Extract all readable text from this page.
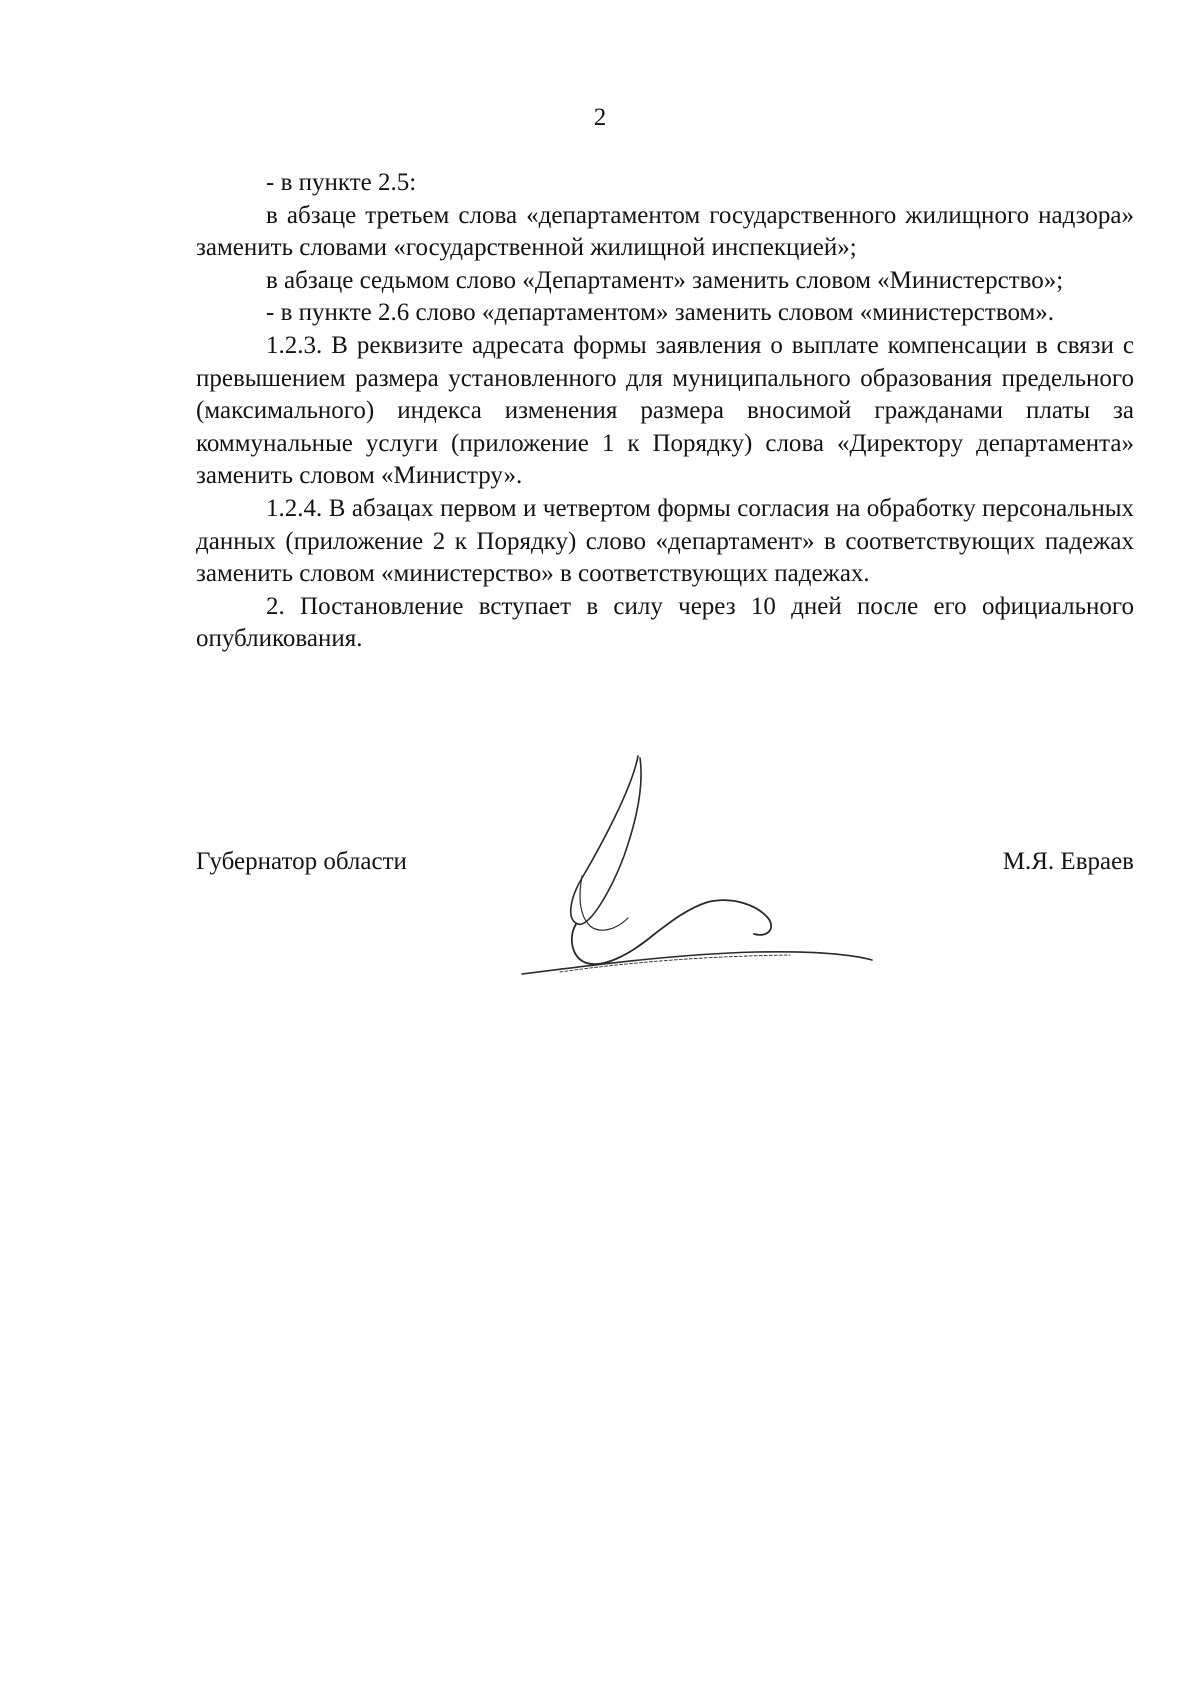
2

- в пункте 2.5:

в абзаце третьем слова «департаментом государственного жилищного надзора» заменить словами «государственной жилищной инспекцией»;

в абзаце седьмом слово «Департамент» заменить словом «Министерство»;

- в пункте 2.6 слово «департаментом» заменить словом «министерством».

1.2.3. В реквизите адресата формы заявления о выплате компенсации в связи с превышением размера установленного для муниципального образования предельного (максимального) индекса изменения размера вносимой гражданами платы за коммунальные услуги (приложение 1 к Порядку) слова «Директору департамента» заменить словом «Министру».

1.2.4. В абзацах первом и четвертом формы согласия на обработку персональных данных (приложение 2 к Порядку) слово «департамент» в соответствующих падежах заменить словом «министерство» в соответствующих падежах.

2. Постановление вступает в силу через 10 дней после его официального опубликования.

Губернатор области	М.Я. Евраев
